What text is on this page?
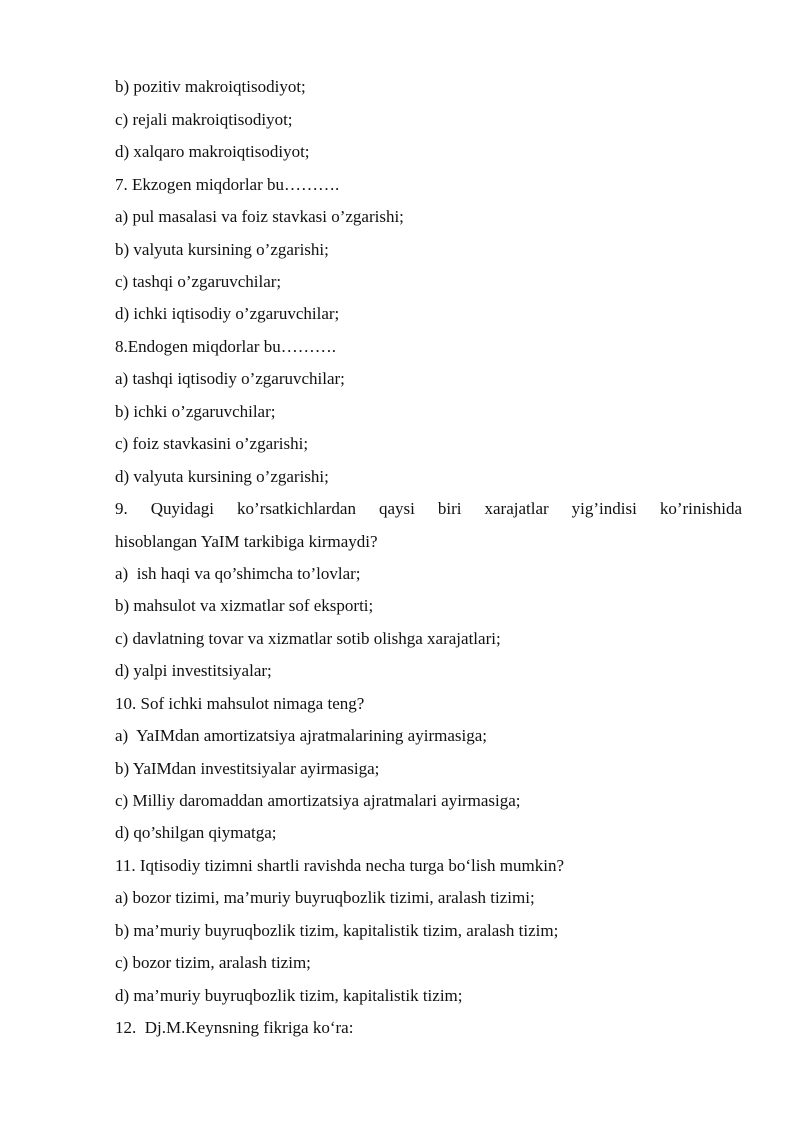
b) pozitiv makroiqtisodiyot;
c) rejali makroiqtisodiyot;
d) xalqaro makroiqtisodiyot;
7. Ekzogen miqdorlar bu……….
a) pul masalasi va foiz stavkasi o’zgarishi;
b) valyuta kursining o’zgarishi;
c) tashqi o’zgaruvchilar;
d) ichki iqtisodiy o’zgaruvchilar;
8.Endogen miqdorlar bu……….
a) tashqi iqtisodiy o’zgaruvchilar;
b) ichki o’zgaruvchilar;
c) foiz stavkasini o’zgarishi;
d) valyuta kursining o’zgarishi;
9. Quyidagi ko’rsatkichlardan qaysi biri xarajatlar yig’indisi ko’rinishida
hisoblangan YaIM tarkibiga kirmaydi?
a)  ish haqi va qo’shimcha to’lovlar;
b) mahsulot va xizmatlar sof eksporti;
c) davlatning tovar va xizmatlar sotib olishga xarajatlari;
d) yalpi investitsiyalar;
10. Sof ichki mahsulot nimaga teng?
a)  YaIMdan amortizatsiya ajratmalarining ayirmasiga;
b) YaIMdan investitsiyalar ayirmasiga;
c) Milliy daromaddan amortizatsiya ajratmalari ayirmasiga;
d) qo’shilgan qiymatga;
11. Iqtisodiy tizimni shartli ravishda necha turga bo‘lish mumkin?
a) bozor tizimi, ma’muriy buyruqbozlik tizimi, aralash tizimi;
b) ma’muriy buyruqbozlik tizim, kapitalistik tizim, aralash tizim;
c) bozor tizim, aralash tizim;
d) ma’muriy buyruqbozlik tizim, kapitalistik tizim;
12.  Dj.M.Keynsning fikriga ko‘ra:
